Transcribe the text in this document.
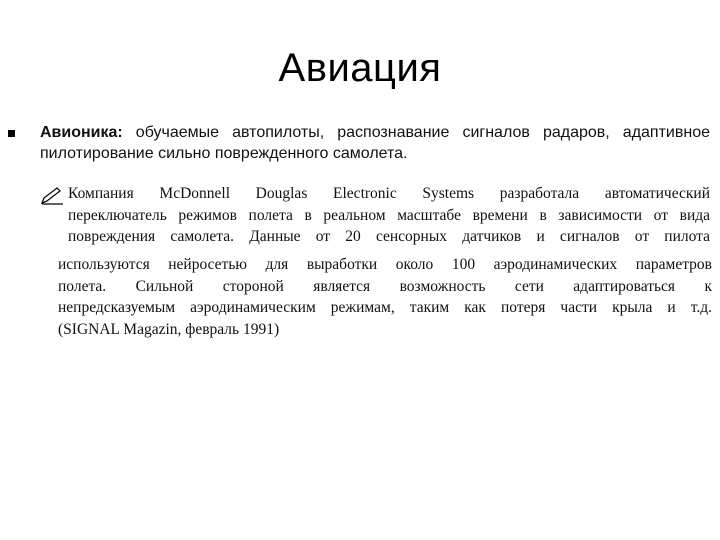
Авиация
Авионика: обучаемые автопилоты, распознавание сигналов радаров, адаптивное пилотирование сильно поврежденного самолета.
Компания McDonnell Douglas Electronic Systems разработала автоматический
переключатель режимов полета в реальном масштабе времени в зависимости от вида
повреждения самолета. Данные от 20 сенсорных датчиков и сигналов от пилота
используются нейросетью для выработки около 100 аэродинамических параметров
полета. Сильной стороной является возможность сети адаптироваться к
непредсказуемым аэродинамическим режимам, таким как потеря части крыла и т.д.
(SIGNAL Magazin, февраль 1991)
